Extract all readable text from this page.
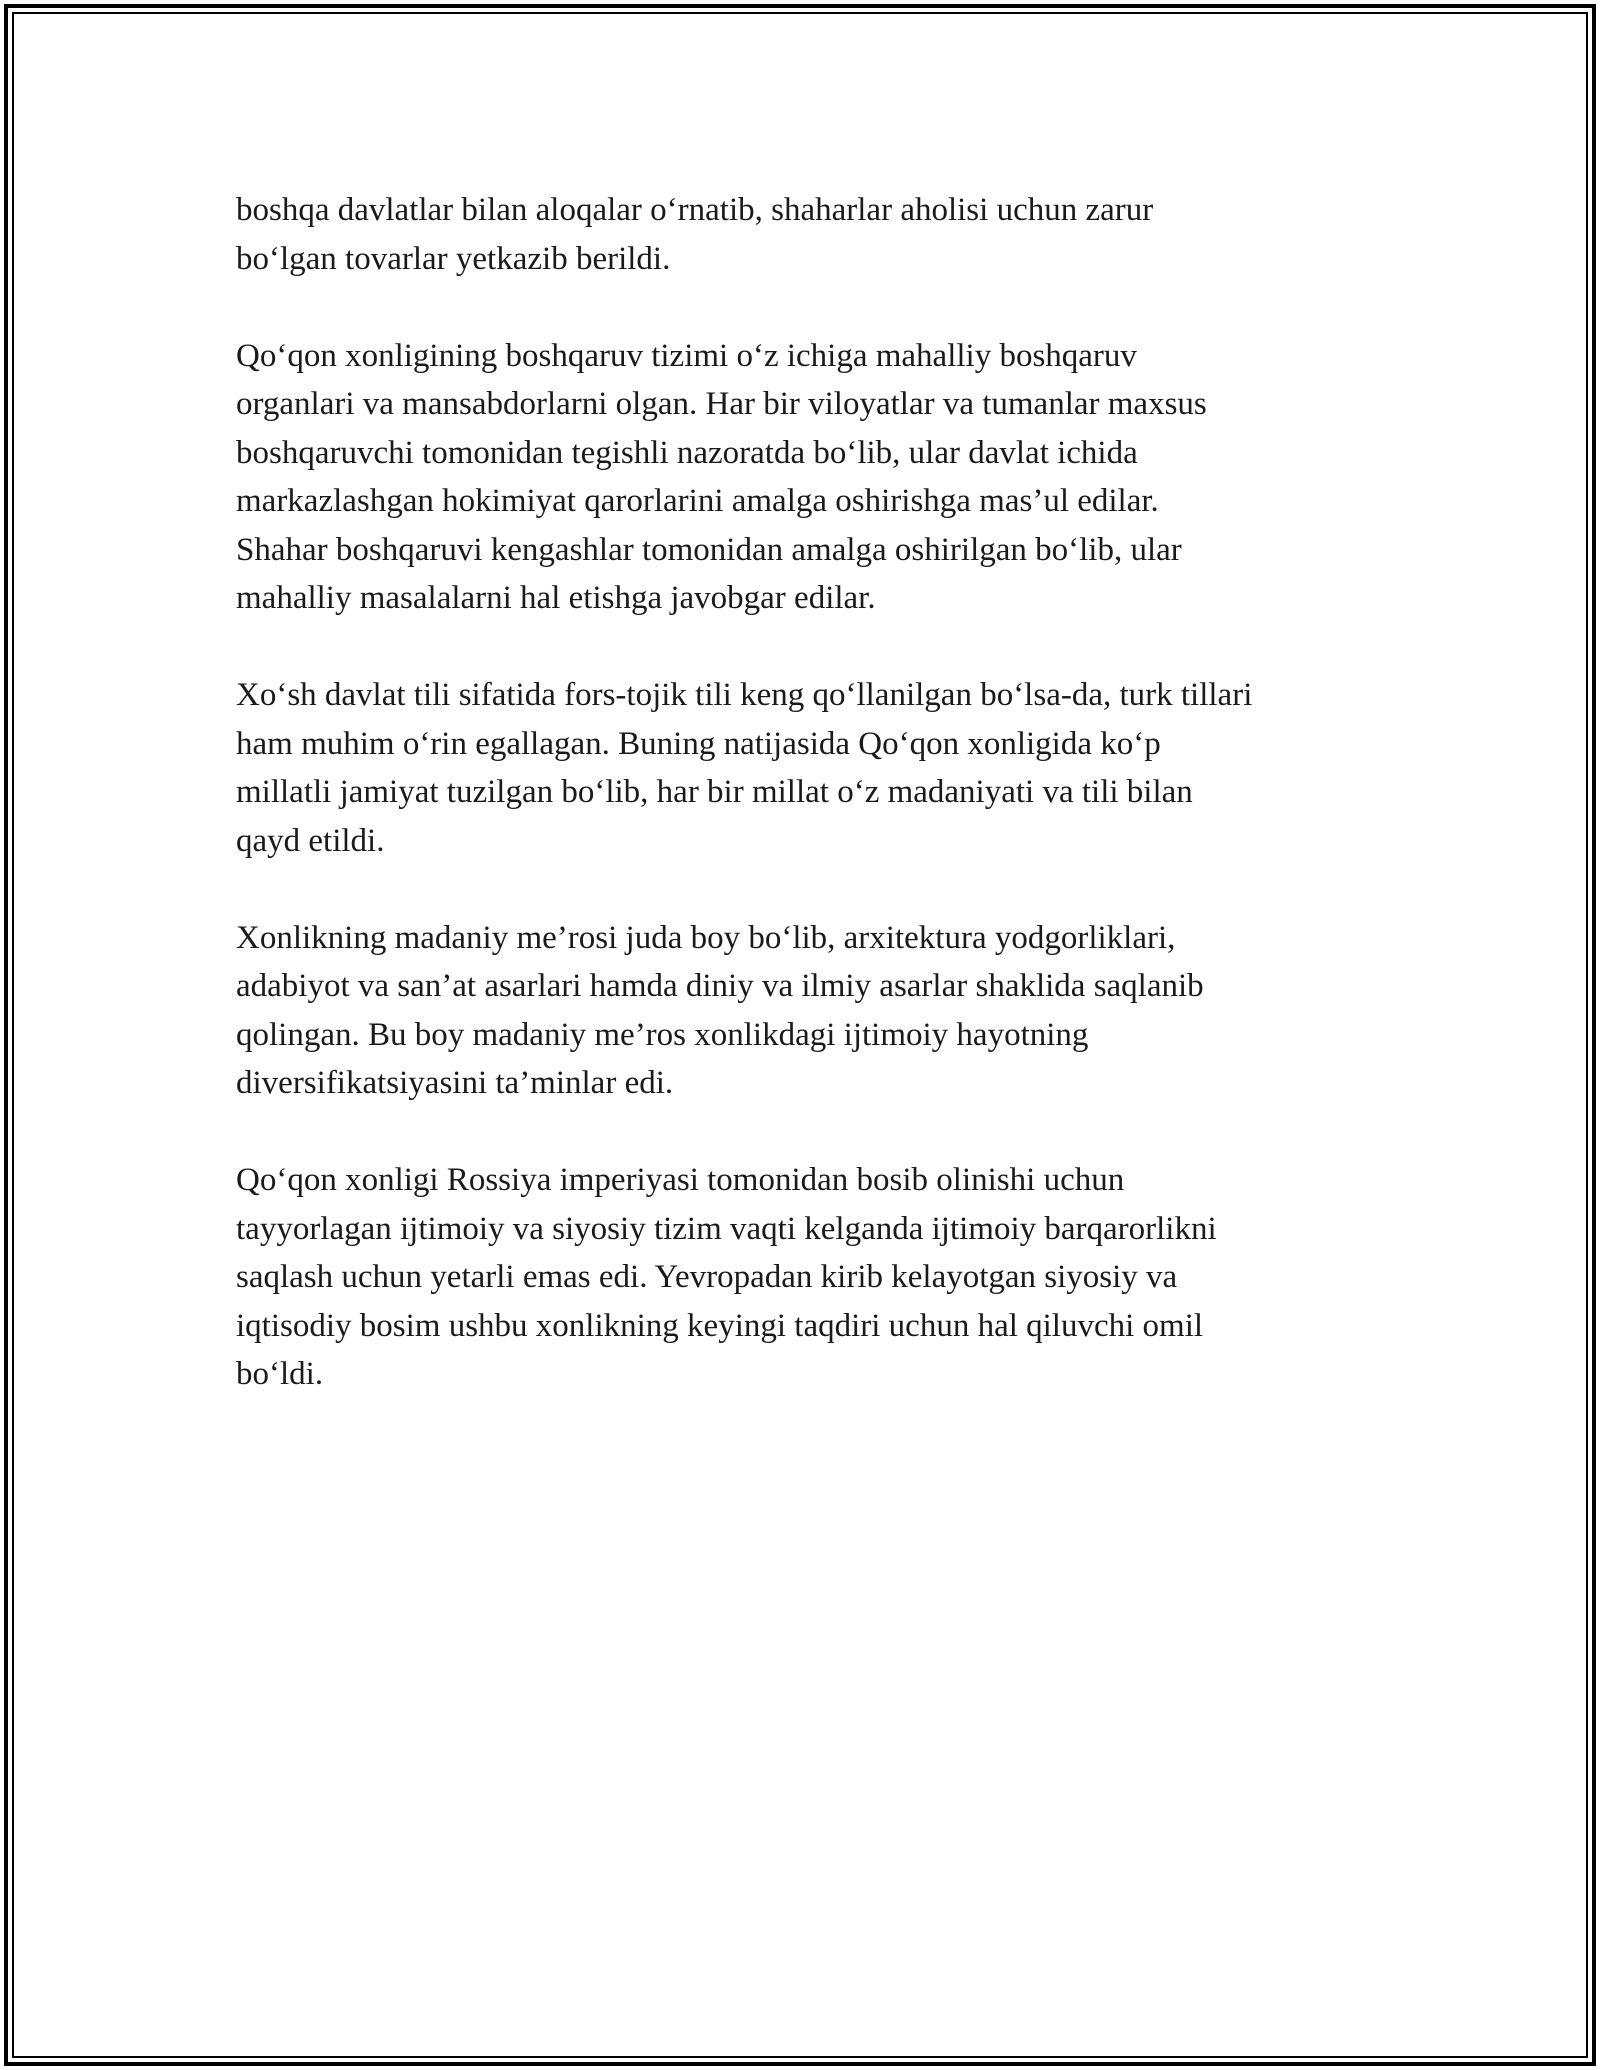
boshqa davlatlar bilan aloqalar o‘rnatib, shaharlar aholisi uchun zarur
bo‘lgan tovarlar yetkazib berildi.

Qo‘qon xonligining boshqaruv tizimi o‘z ichiga mahalliy boshqaruv
organlari va mansabdorlarni olgan. Har bir viloyatlar va tumanlar maxsus
boshqaruvchi tomonidan tegishli nazoratda bo‘lib, ular davlat ichida
markazlashgan hokimiyat qarorlarini amalga oshirishga mas’ul edilar.
Shahar boshqaruvi kengashlar tomonidan amalga oshirilgan bo‘lib, ular
mahalliy masalalarni hal etishga javobgar edilar.

Xo‘sh davlat tili sifatida fors-tojik tili keng qo‘llanilgan bo‘lsa-da, turk tillari
ham muhim o‘rin egallagan. Buning natijasida Qo‘qon xonligida ko‘p
millatli jamiyat tuzilgan bo‘lib, har bir millat o‘z madaniyati va tili bilan
qayd etildi.

Xonlikning madaniy me’rosi juda boy bo‘lib, arxitektura yodgorliklari,
adabiyot va san’at asarlari hamda diniy va ilmiy asarlar shaklida saqlanib
qolingan. Bu boy madaniy me’ros xonlikdagi ijtimoiy hayotning
diversifikatsiyasini ta’minlar edi.

Qo‘qon xonligi Rossiya imperiyasi tomonidan bosib olinishi uchun
tayyorlagan ijtimoiy va siyosiy tizim vaqti kelganda ijtimoiy barqarorlikni
saqlash uchun yetarli emas edi. Yevropadan kirib kelayotgan siyosiy va
iqtisodiy bosim ushbu xonlikning keyingi taqdiri uchun hal qiluvchi omil
bo‘ldi.
